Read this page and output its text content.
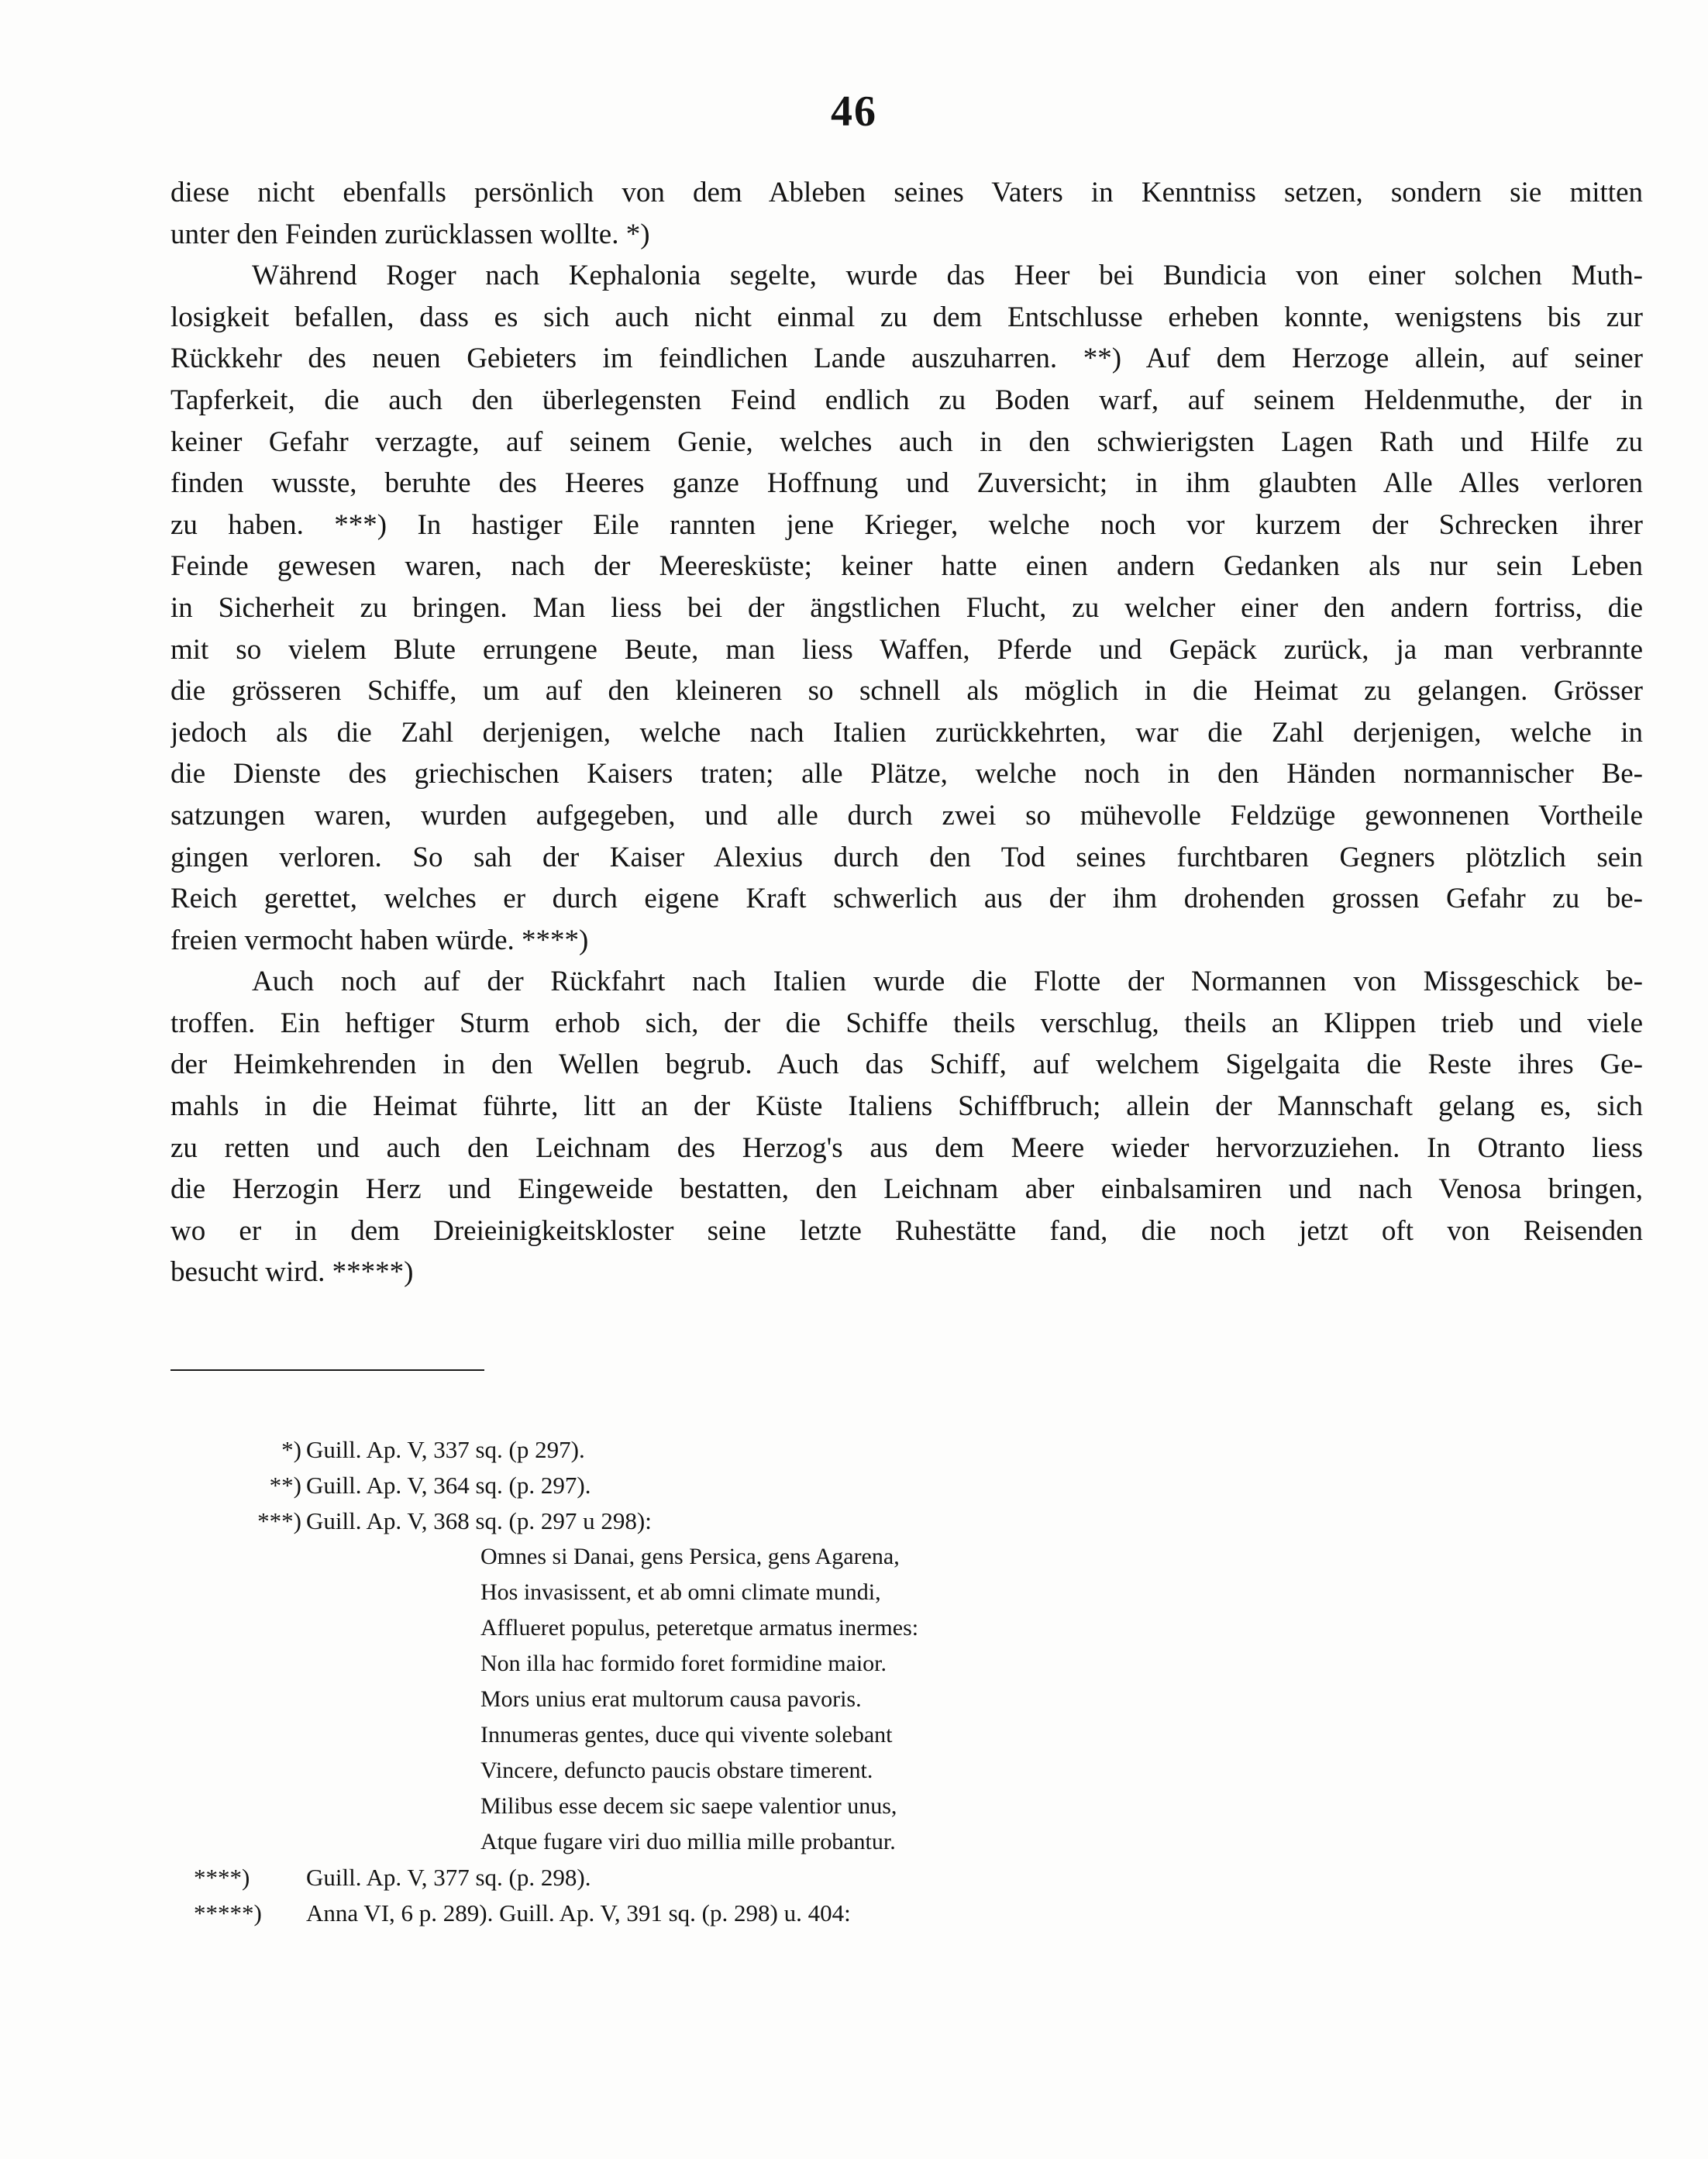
46

diese nicht ebenfalls persönlich von dem Ableben seines Vaters in Kenntniss setzen, sondern sie mitten
unter den Feinden zurücklassen wollte. *)

Während Roger nach Kephalonia segelte, wurde das Heer bei Bundicia von einer solchen Muth-
losigkeit befallen, dass es sich auch nicht einmal zu dem Entschlusse erheben konnte, wenigstens bis zur
Rückkehr des neuen Gebieters im feindlichen Lande auszuharren. **) Auf dem Herzoge allein, auf seiner
Tapferkeit, die auch den überlegensten Feind endlich zu Boden warf, auf seinem Heldenmuthe, der in
keiner Gefahr verzagte, auf seinem Genie, welches auch in den schwierigsten Lagen Rath und Hilfe zu
finden wusste, beruhte des Heeres ganze Hoffnung und Zuversicht; in ihm glaubten Alle Alles verloren
zu haben. ***) In hastiger Eile rannten jene Krieger, welche noch vor kurzem der Schrecken ihrer
Feinde gewesen waren, nach der Meeresküste; keiner hatte einen andern Gedanken als nur sein Leben
in Sicherheit zu bringen. Man liess bei der ängstlichen Flucht, zu welcher einer den andern fortriss, die
mit so vielem Blute errungene Beute, man liess Waffen, Pferde und Gepäck zurück, ja man verbrannte
die grösseren Schiffe, um auf den kleineren so schnell als möglich in die Heimat zu gelangen. Grösser
jedoch als die Zahl derjenigen, welche nach Italien zurückkehrten, war die Zahl derjenigen, welche in
die Dienste des griechischen Kaisers traten; alle Plätze, welche noch in den Händen normannischer Be-
satzungen waren, wurden aufgegeben, und alle durch zwei so mühevolle Feldzüge gewonnenen Vortheile
gingen verloren. So sah der Kaiser Alexius durch den Tod seines furchtbaren Gegners plötzlich sein
Reich gerettet, welches er durch eigene Kraft schwerlich aus der ihm drohenden grossen Gefahr zu be-
freien vermocht haben würde. ****)

Auch noch auf der Rückfahrt nach Italien wurde die Flotte der Normannen von Missgeschick be-
troffen. Ein heftiger Sturm erhob sich, der die Schiffe theils verschlug, theils an Klippen trieb und viele
der Heimkehrenden in den Wellen begrub. Auch das Schiff, auf welchem Sigelgaita die Reste ihres Ge-
mahls in die Heimat führte, litt an der Küste Italiens Schiffbruch; allein der Mannschaft gelang es, sich
zu retten und auch den Leichnam des Herzog's aus dem Meere wieder hervorzuziehen. In Otranto liess
die Herzogin Herz und Eingeweide bestatten, den Leichnam aber einbalsamiren und nach Venosa bringen,
wo er in dem Dreieinigkeitskloster seine letzte Ruhestätte fand, die noch jetzt oft von Reisenden
besucht wird. *****)

*) Guill. Ap. V, 337 sq. (p 297).

**) Guill. Ap. V, 364 sq. (p. 297).

***) Guill. Ap. V, 368 sq. (p. 297 u 298):

Omnes si Danai, gens Persica, gens Agarena,
Hos invasissent, et ab omni climate mundi,
Affluеret populus, peteretque armatus inermes:
Non illa hac formido foret formidine maior.
Mors unius erat multorum causa pavoris.
Innumeras gentes, duce qui vivente solebant
Vincere, defuncto paucis obstare timerent.
Milibus esse decem sic saepe valentior unus,
Atque fugare viri duo millia mille probantur.

****) Guill. Ap. V, 377 sq. (p. 298).

*****) Anna VI, 6 p. 289). Guill. Ap. V, 391 sq. (p. 298) u. 404:
